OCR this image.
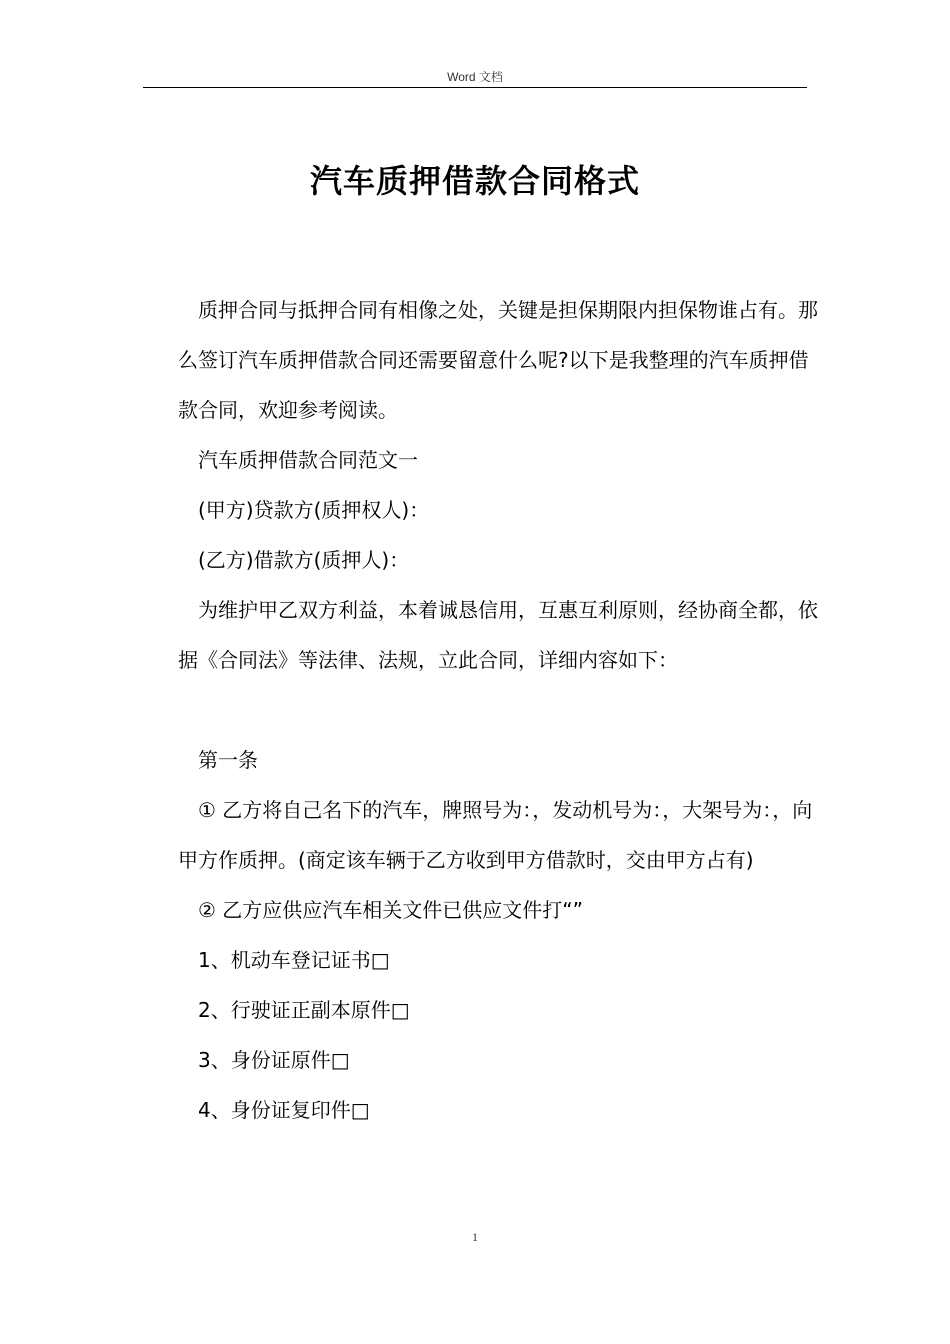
Word 文档
汽车质押借款合同格式

质押合同与抵押合同有相像之处，关键是担保期限内担保物谁占有。那么签订汽车质押借款合同还需要留意什么呢?以下是我整理的汽车质押借款合同，欢迎参考阅读。

汽车质押借款合同范文一

(甲方)贷款方(质押权人)：

(乙方)借款方(质押人)：

为维护甲乙双方利益，本着诚恳信用，互惠互利原则，经协商全都，依据《合同法》等法律、法规，立此合同，详细内容如下：

第一条

① 乙方将自己名下的汽车，牌照号为：，发动机号为：，大架号为：，向甲方作质押。(商定该车辆于乙方收到甲方借款时，交由甲方占有)

② 乙方应供应汽车相关文件已供应文件打“”

1、机动车登记证书□

2、行驶证正副本原件□

3、身份证原件□

4、身份证复印件□

1
